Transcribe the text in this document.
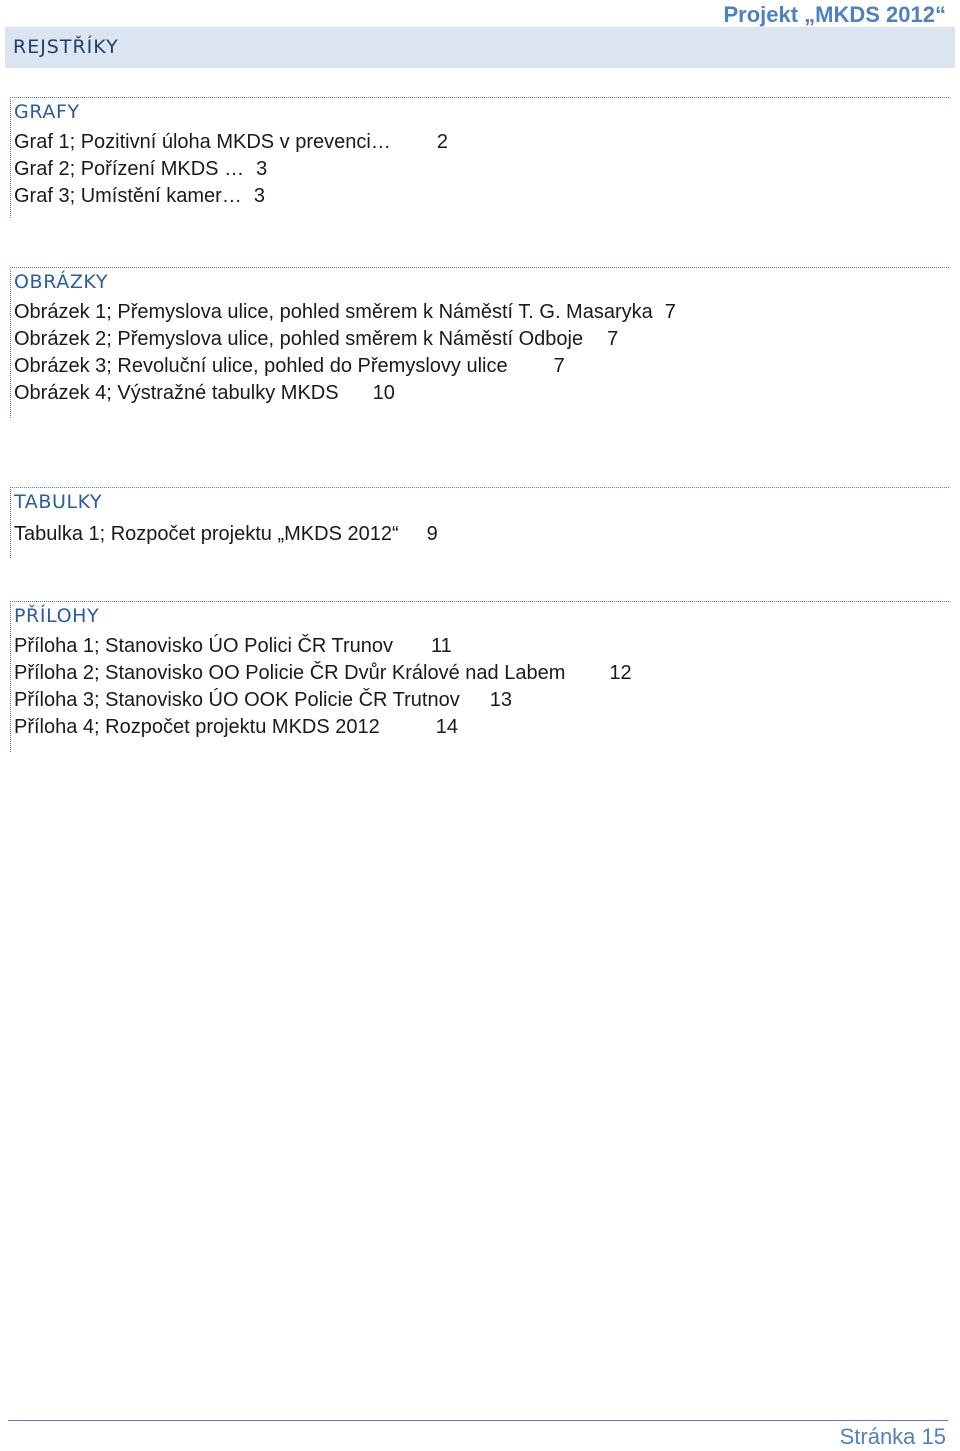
Projekt „MKDS 2012“
REJSTŘÍKY
GRAFY
Graf 1; Pozitivní úloha MKDS v prevenci… 2
Graf 2; Pořízení MKDS … 3
Graf 3; Umístění kamer… 3
OBRÁZKY
Obrázek 1; Přemyslova ulice, pohled směrem k Náměstí T. G. Masaryka 7
Obrázek 2; Přemyslova ulice, pohled směrem k Náměstí Odboje 7
Obrázek 3; Revoluční ulice, pohled do Přemyslovy ulice 7
Obrázek 4; Výstražné tabulky MKDS 10
TABULKY
Tabulka 1; Rozpočet projektu „MKDS 2012“ 9
PŘÍLOHY
Příloha 1; Stanovisko ÚO Polici ČR Trunov 11
Příloha 2; Stanovisko OO Policie ČR Dvůr Králové nad Labem 12
Příloha 3; Stanovisko ÚO OOK Policie ČR Trutnov 13
Příloha 4; Rozpočet projektu MKDS 2012	14
Stránka 15
